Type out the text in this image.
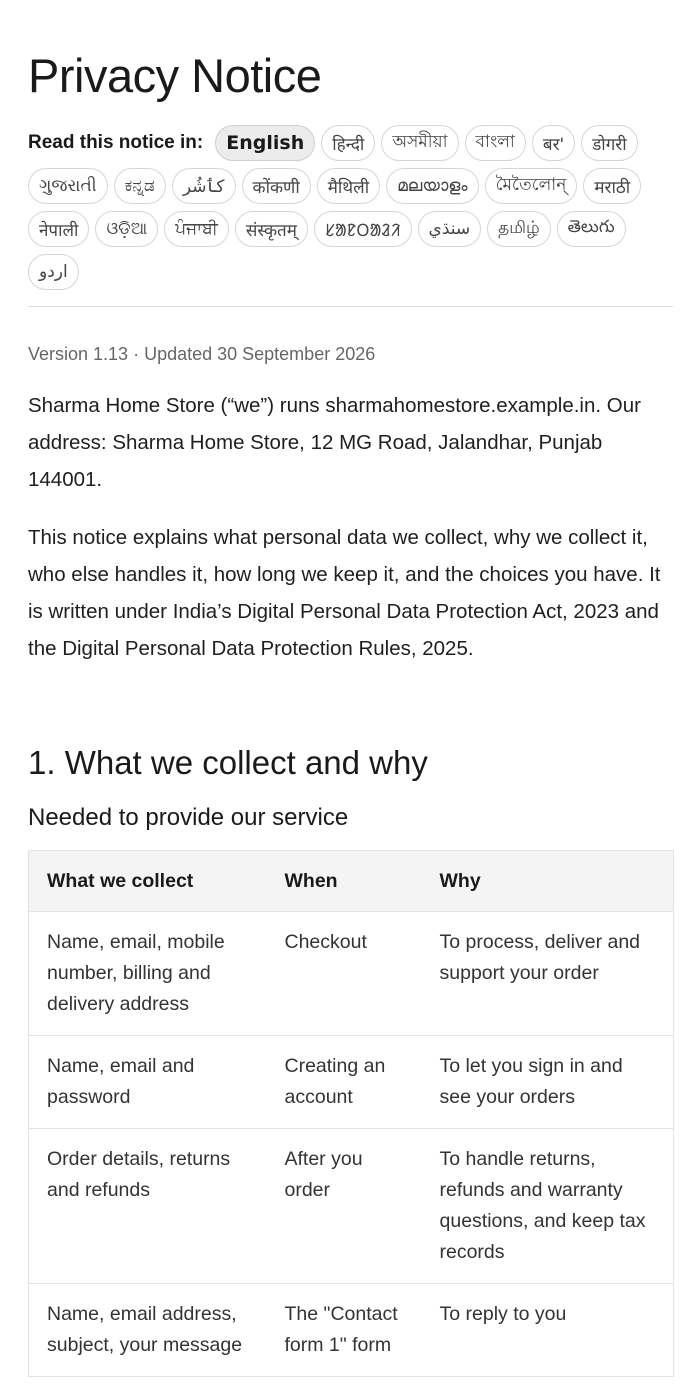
Privacy Notice
Read this notice in:	English	हिन्दी	অসমীয়া	বাংলা	बर'	डोगरी
ગુજરાતી	ಕನ್ನಡ	كٲشُر	कोंकणी	मैथिली	മലയാളം	মৈতৈলোন্	मराठी
नेपाली	ଓଡ଼ିଆ	ਪੰਜਾਬੀ	संस्कृतम्	ᱥᱟᱱᱛᱟᱲᱤ	سنڌي	தமிழ்	తెలుగు
اردو
Version 1.13 · Updated 30 September 2026

Sharma Home Store (“we”) runs sharmahomestore.example.in. Our address: Sharma Home Store, 12 MG Road, Jalandhar, Punjab 144001.

This notice explains what personal data we collect, why we collect it, who else handles it, how long we keep it, and the choices you have. It is written under India’s Digital Personal Data Protection Act, 2023 and the Digital Personal Data Protection Rules, 2025.

1. What we collect and why
Needed to provide our service
What we collect	When	Why
Name, email, mobile number, billing and delivery address	Checkout	To process, deliver and support your order
Name, email and password	Creating an account	To let you sign in and see your orders
Order details, returns and refunds	After you order	To handle returns, refunds and warranty questions, and keep tax records
Name, email address, subject, your message	The "Contact form 1" form	To reply to you
